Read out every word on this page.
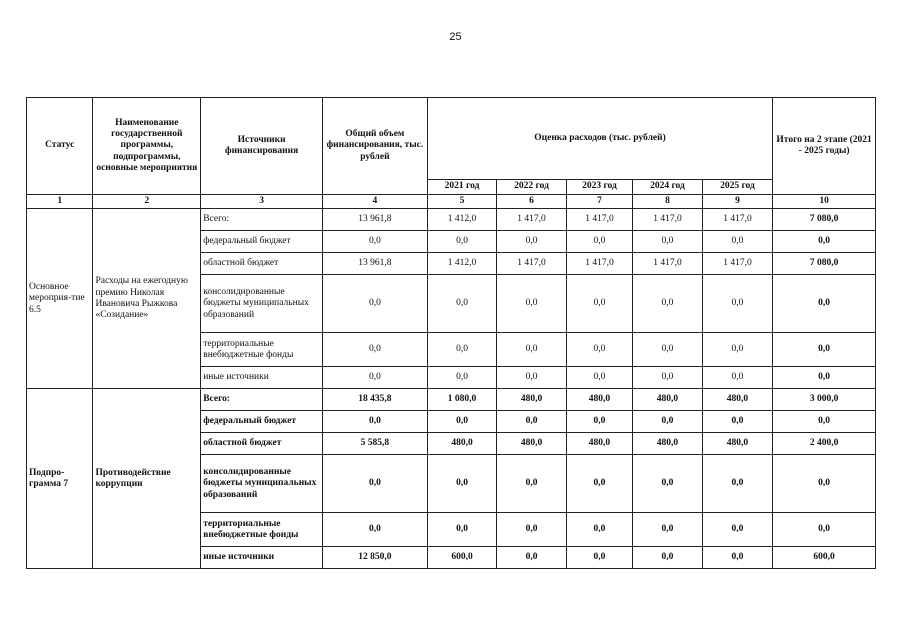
25
Статус	Наименование государственной программы, подпрограммы, основные мероприятия	Источники финансирования	Общий объем финансирования, тыс. рублей	Оценка расходов (тыс. рублей)					Итого на 2 этапе (2021 - 2025 годы)
				2021 год	2022 год	2023 год	2024 год	2025 год	
1	2	3	4	5	6	7	8	9	10
Основное мероприя-тие 6.5	Расходы на ежегодную премию Николая Ивановича Рыжкова «Созидание»	Всего:	13 961,8	1 412,0	1 417,0	1 417,0	1 417,0	1 417,0	7 080,0
		федеральный бюджет	0,0	0,0	0,0	0,0	0,0	0,0	0,0
		областной бюджет	13 961,8	1 412,0	1 417,0	1 417,0	1 417,0	1 417,0	7 080,0
		консолидированные бюджеты муниципальных образований	0,0	0,0	0,0	0,0	0,0	0,0	0,0
		территориальные внебюджетные фонды	0,0	0,0	0,0	0,0	0,0	0,0	0,0
		иные источники	0,0	0,0	0,0	0,0	0,0	0,0	0,0
Подпро-грамма 7	Противодействие коррупции	Всего:	18 435,8	1 080,0	480,0	480,0	480,0	480,0	3 000,0
		федеральный бюджет	0,0	0,0	0,0	0,0	0,0	0,0	0,0
		областной бюджет	5 585,8	480,0	480,0	480,0	480,0	480,0	2 400,0
		консолидированные бюджеты муниципальных образований	0,0	0,0	0,0	0,0	0,0	0,0	0,0
		территориальные внебюджетные фонды	0,0	0,0	0,0	0,0	0,0	0,0	0,0
		иные источники	12 850,0	600,0	0,0	0,0	0,0	0,0	600,0
